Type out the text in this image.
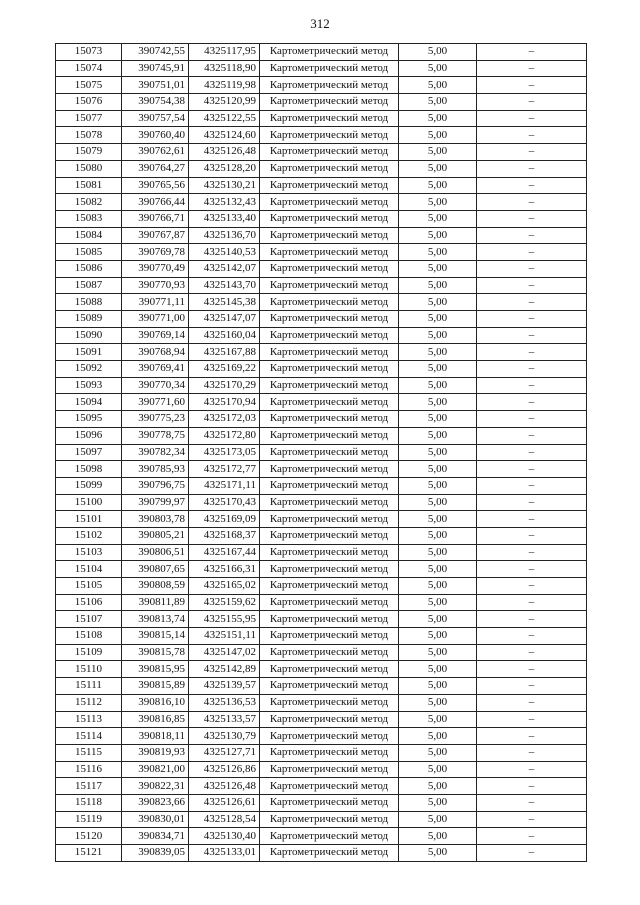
312
15073	390742,55	4325117,95	Картометрический метод	5,00	–
15074	390745,91	4325118,90	Картометрический метод	5,00	–
15075	390751,01	4325119,98	Картометрический метод	5,00	–
15076	390754,38	4325120,99	Картометрический метод	5,00	–
15077	390757,54	4325122,55	Картометрический метод	5,00	–
15078	390760,40	4325124,60	Картометрический метод	5,00	–
15079	390762,61	4325126,48	Картометрический метод	5,00	–
15080	390764,27	4325128,20	Картометрический метод	5,00	–
15081	390765,56	4325130,21	Картометрический метод	5,00	–
15082	390766,44	4325132,43	Картометрический метод	5,00	–
15083	390766,71	4325133,40	Картометрический метод	5,00	–
15084	390767,87	4325136,70	Картометрический метод	5,00	–
15085	390769,78	4325140,53	Картометрический метод	5,00	–
15086	390770,49	4325142,07	Картометрический метод	5,00	–
15087	390770,93	4325143,70	Картометрический метод	5,00	–
15088	390771,11	4325145,38	Картометрический метод	5,00	–
15089	390771,00	4325147,07	Картометрический метод	5,00	–
15090	390769,14	4325160,04	Картометрический метод	5,00	–
15091	390768,94	4325167,88	Картометрический метод	5,00	–
15092	390769,41	4325169,22	Картометрический метод	5,00	–
15093	390770,34	4325170,29	Картометрический метод	5,00	–
15094	390771,60	4325170,94	Картометрический метод	5,00	–
15095	390775,23	4325172,03	Картометрический метод	5,00	–
15096	390778,75	4325172,80	Картометрический метод	5,00	–
15097	390782,34	4325173,05	Картометрический метод	5,00	–
15098	390785,93	4325172,77	Картометрический метод	5,00	–
15099	390796,75	4325171,11	Картометрический метод	5,00	–
15100	390799,97	4325170,43	Картометрический метод	5,00	–
15101	390803,78	4325169,09	Картометрический метод	5,00	–
15102	390805,21	4325168,37	Картометрический метод	5,00	–
15103	390806,51	4325167,44	Картометрический метод	5,00	–
15104	390807,65	4325166,31	Картометрический метод	5,00	–
15105	390808,59	4325165,02	Картометрический метод	5,00	–
15106	390811,89	4325159,62	Картометрический метод	5,00	–
15107	390813,74	4325155,95	Картометрический метод	5,00	–
15108	390815,14	4325151,11	Картометрический метод	5,00	–
15109	390815,78	4325147,02	Картометрический метод	5,00	–
15110	390815,95	4325142,89	Картометрический метод	5,00	–
15111	390815,89	4325139,57	Картометрический метод	5,00	–
15112	390816,10	4325136,53	Картометрический метод	5,00	–
15113	390816,85	4325133,57	Картометрический метод	5,00	–
15114	390818,11	4325130,79	Картометрический метод	5,00	–
15115	390819,93	4325127,71	Картометрический метод	5,00	–
15116	390821,00	4325126,86	Картометрический метод	5,00	–
15117	390822,31	4325126,48	Картометрический метод	5,00	–
15118	390823,66	4325126,61	Картометрический метод	5,00	–
15119	390830,01	4325128,54	Картометрический метод	5,00	–
15120	390834,71	4325130,40	Картометрический метод	5,00	–
15121	390839,05	4325133,01	Картометрический метод	5,00	–
